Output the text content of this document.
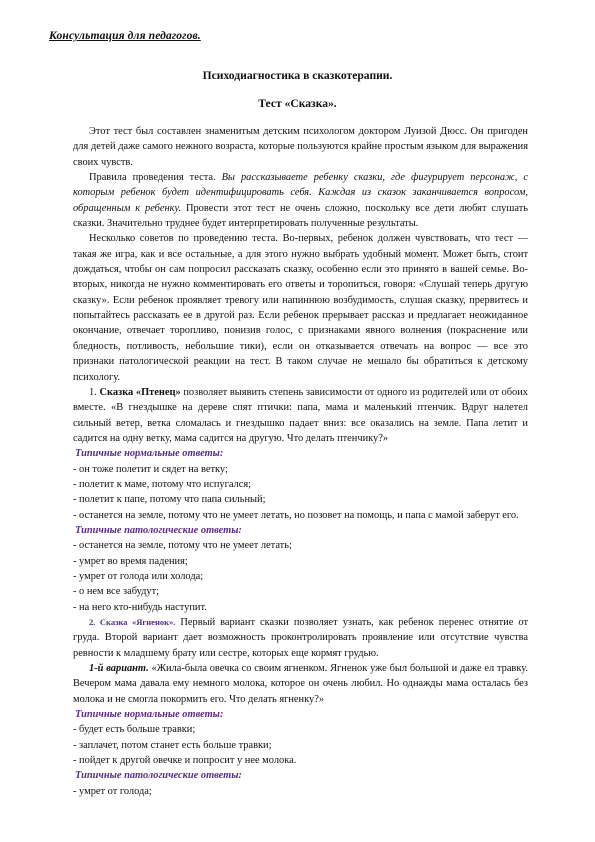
Консультация для педагогов.
Психодиагностика в сказкотерапии.
Тест «Сказка».

Этот тест был составлен знаменитым детским психологом доктором Луизой Дюсс. Он пригоден для детей даже самого нежного возраста, которые пользуются крайне простым языком для выражения своих чувств.

Правила проведения теста. Вы рассказываете ребенку сказки, где фигурирует персонаж, с которым ребенок будет идентифицировать себя. Каждая из сказок заканчивается вопросом, обращенным к ребенку. Провести этот тест не очень сложно, поскольку все дети любят слушать сказки. Значительно труднее будет интерпретировать полученные результаты.

Несколько советов по проведению теста. Во-первых, ребенок должен чувствовать, что тест — такая же игра, как и все остальные, а для этого нужно выбрать удобный момент. Может быть, стоит дождаться, чтобы он сам попросил рассказать сказку, особенно если это принято в вашей семье. Во-вторых, никогда не нужно комментировать его ответы и торопиться, говоря: «Слушай теперь другую сказку». Если ребенок проявляет тревогу или напиннюю возбудимость, слушая сказку, прервитесь и попытайтесь рассказать ее в другой раз. Если ребенок прерывает рассказ и предлагает неожиданное окончание, отвечает торопливо, понизив голос, с признаками явного волнения (покраснение или бледность, потливость, небольшие тики), если он отказывается отвечать на вопрос — все это признаки патологической реакции на тест. В таком случае не мешало бы обратиться к детскому психологу.

1. Сказка «Птенец» позволяет выявить степень зависимости от одного из родителей или от обоих вместе. «В гнездышке на дереве спят птички: папа, мама и маленький птенчик. Вдруг налетел сильный ветер, ветка сломалась и гнездышко падает вниз: все оказались на земле. Папа летит и садится на одну ветку, мама садится на другую. Что делать птенчику?»

Типичные нормальные ответы:

- он тоже полетит и сядет на ветку;

- полетит к маме, потому что испугался;

- полетит к папе, потому что папа сильный;

- останется на земле, потому что не умеет летать, но позовет на помощь, и папа с мамой заберут его.

Типичные патологические ответы:

- останется на земле, потому что не умеет летать;

- умрет во время падения;

- умрет от голода или холода;

- о нем все забудут;

- на него кто-нибудь наступит.

2. Сказка «Ягненок». Первый вариант сказки позволяет узнать, как ребенок перенес отнятие от груда. Второй вариант дает возможность проконтролировать проявление или отсутствие чувства ревности к младшему брату или сестре, которых еще кормят грудью.

1-й вариант. «Жила-была овечка со своим ягненком. Ягненок уже был большой и даже ел травку. Вечером мама давала ему немного молока, которое он очень любил. Но однажды мама осталась без молока и не смогла покормить его. Что делать ягненку?»

Типичные нормальные ответы:

- будет есть больше травки;

- заплачет, потом станет есть больше травки;

- пойдет к другой овечке и попросит у нее молока.

Типичные патологические ответы:

- умрет от голода;
